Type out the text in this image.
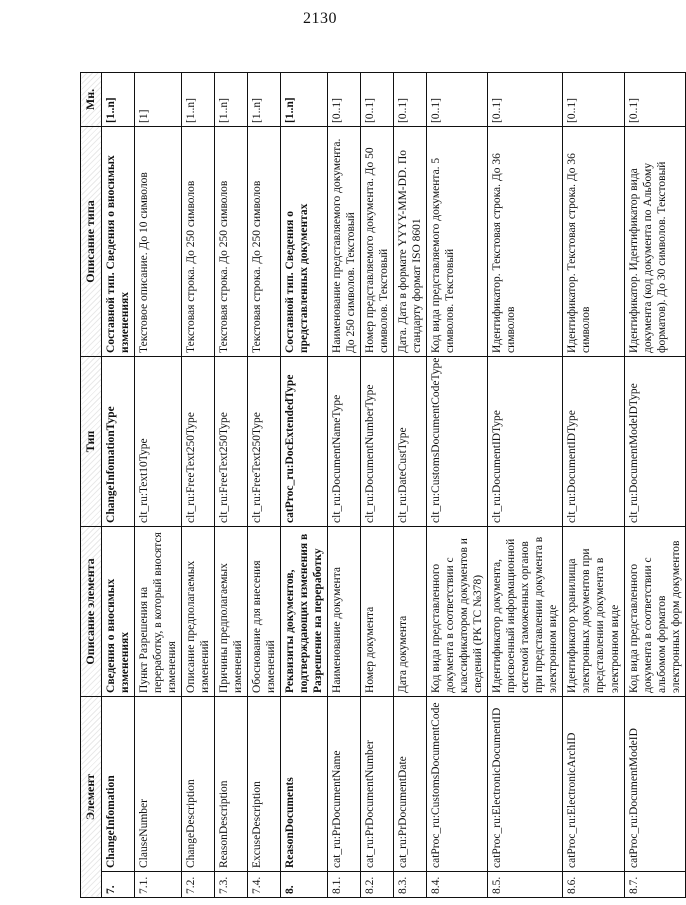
2130
Элемент		Описание элемента	Тип	Описание типа	Мн.
7.	ChangeInfomation	Сведения о вносимых изменениях	ChangeInfomationType	Составной тип. Сведения о вносимых изменениях	[1..n]
7.1.	ClauseNumber	Пункт Разрешения на переработку, в который вносятся изменения	clt_ru:Text10Type	Текстовое описание. До 10 символов	[1]
7.2.	ChangeDescription	Описание предполагаемых изменений	clt_ru:FreeText250Type	Текстовая строка. До 250 символов	[1..n]
7.3.	ReasonDescription	Причины предполагаемых изменений	clt_ru:FreeText250Type	Текстовая строка. До 250 символов	[1..n]
7.4.	ExcuseDescription	Обоснование для внесения изменений	clt_ru:FreeText250Type	Текстовая строка. До 250 символов	[1..n]
8.	ReasonDocuments	Реквизиты документов, подтверждающих изменения в Разрешение на переработку	catProc_ru:DocExtendedType	Составной тип. Сведения о представленных документах	[1..n]
8.1.	cat_ru:PrDocumentName	Наименование документа	clt_ru:DocumentNameType	Наименование представляемого документа. До 250 символов. Текстовый	[0..1]
8.2.	cat_ru:PrDocumentNumber	Номер документа	clt_ru:DocumentNumberType	Номер представляемого документа. До 50 символов. Текстовый	[0..1]
8.3.	cat_ru:PrDocumentDate	Дата документа	clt_ru:DateCustType	Дата. Дата в формате YYYY-MM-DD. По стандарту формат ISO 8601	[0..1]
8.4.	catProc_ru:CustomsDocumentCode	Код вида представленного документа в соответствии с классификатором документов и сведений (РК ТС №378)	clt_ru:CustomsDocumentCodeType	Код вида представляемого документа. 5 символов. Текстовый	[0..1]
8.5.	catProc_ru:ElectronicDocumentID	Идентификатор документа, присвоенный информационной системой таможенных органов при представлении документа в электронном виде	clt_ru:DocumentIDType	Идентификатор. Текстовая строка. До 36 символов	[0..1]
8.6.	catProc_ru:ElectronicArchID	Идентификатор хранилища электронных документов при представлении документа в электронном виде	clt_ru:DocumentIDType	Идентификатор. Текстовая строка. До 36 символов	[0..1]
8.7.	catProc_ru:DocumentModeID	Код вида представленного документа в соответствии с альбомом форматов электронных форм документов	clt_ru:DocumentModeIDType	Идентификатор. Идентификатор вида документа (код документа по Альбому форматов). До 30 символов. Текстовый	[0..1]
